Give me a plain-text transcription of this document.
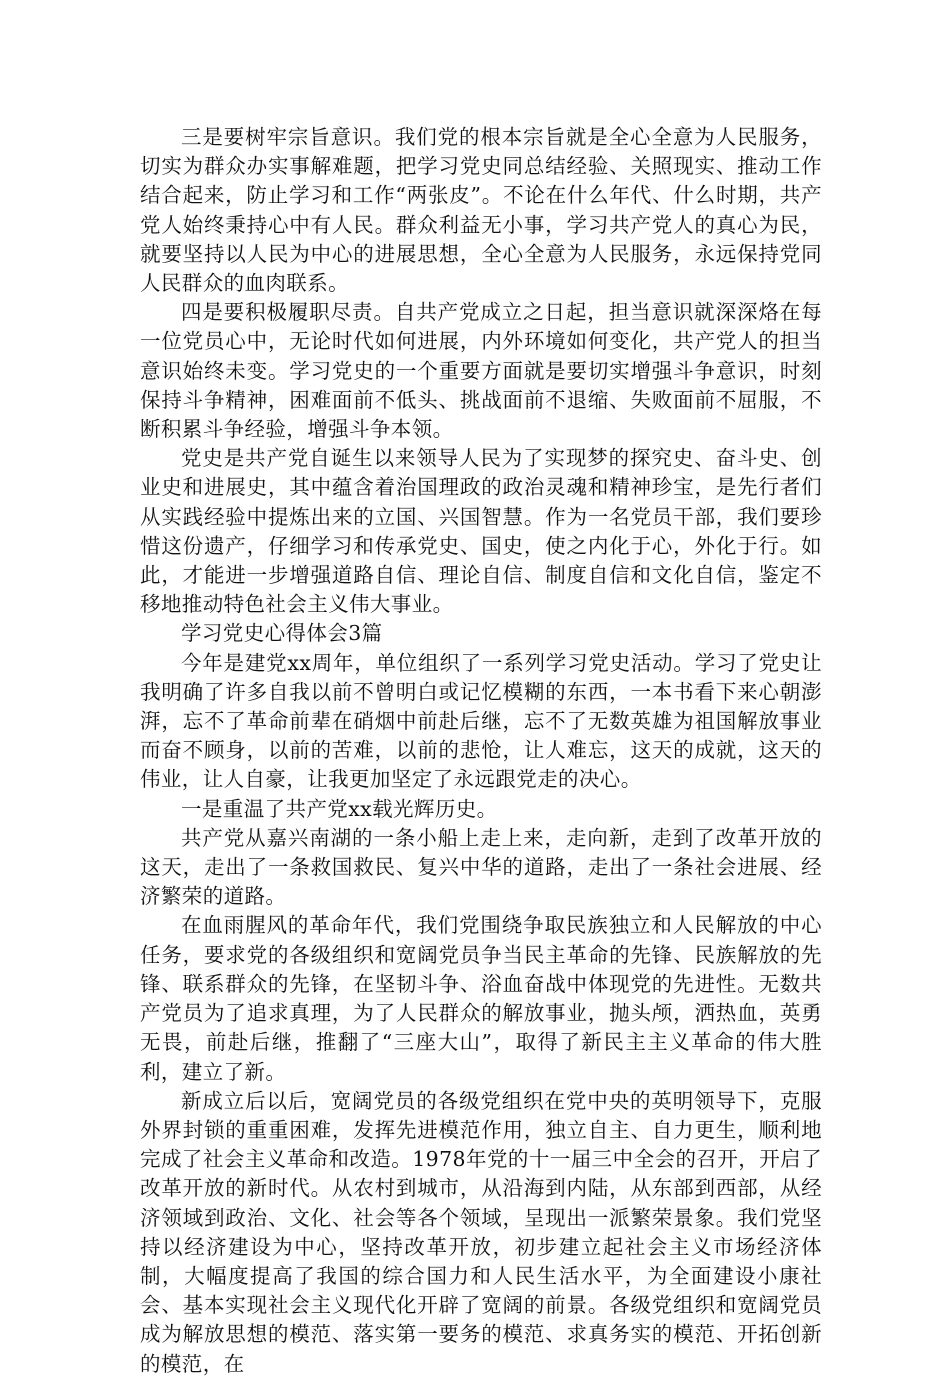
三是要树牢宗旨意识。我们党的根本宗旨就是全心全意为人民服务，切实为群众办实事解难题，把学习党史同总结经验、关照现实、推动工作结合起来，防止学习和工作“两张皮”。不论在什么年代、什么时期，共产党人始终秉持心中有人民。群众利益无小事，学习共产党人的真心为民，就要坚持以人民为中心的进展思想，全心全意为人民服务，永远保持党同人民群众的血肉联系。

四是要积极履职尽责。自共产党成立之日起，担当意识就深深烙在每一位党员心中，无论时代如何进展，内外环境如何变化，共产党人的担当意识始终未变。学习党史的一个重要方面就是要切实增强斗争意识，时刻保持斗争精神，困难面前不低头、挑战面前不退缩、失败面前不屈服，不断积累斗争经验，增强斗争本领。

党史是共产党自诞生以来领导人民为了实现梦的探究史、奋斗史、创业史和进展史，其中蕴含着治国理政的政治灵魂和精神珍宝，是先行者们从实践经验中提炼出来的立国、兴国智慧。作为一名党员干部，我们要珍惜这份遗产，仔细学习和传承党史、国史，使之内化于心，外化于行。如此，才能进一步增强道路自信、理论自信、制度自信和文化自信，鉴定不移地推动特色社会主义伟大事业。

学习党史心得体会3篇

今年是建党xx周年，单位组织了一系列学习党史活动。学习了党史让我明确了许多自我以前不曾明白或记忆模糊的东西，一本书看下来心朝澎湃，忘不了革命前辈在硝烟中前赴后继，忘不了无数英雄为祖国解放事业而奋不顾身，以前的苦难，以前的悲怆，让人难忘，这天的成就，这天的伟业，让人自豪，让我更加坚定了永远跟党走的决心。

一是重温了共产党xx载光辉历史。

共产党从嘉兴南湖的一条小船上走上来，走向新，走到了改革开放的这天，走出了一条救国救民、复兴中华的道路，走出了一条社会进展、经济繁荣的道路。

在血雨腥风的革命年代，我们党围绕争取民族独立和人民解放的中心任务，要求党的各级组织和宽阔党员争当民主革命的先锋、民族解放的先锋、联系群众的先锋，在坚韧斗争、浴血奋战中体现党的先进性。无数共产党员为了追求真理，为了人民群众的解放事业，抛头颅，洒热血，英勇无畏，前赴后继，推翻了“三座大山”，取得了新民主主义革命的伟大胜利，建立了新。

新成立后以后，宽阔党员的各级党组织在党中央的英明领导下，克服外界封锁的重重困难，发挥先进模范作用，独立自主、自力更生，顺利地完成了社会主义革命和改造。1978年党的十一届三中全会的召开，开启了改革开放的新时代。从农村到城市，从沿海到内陆，从东部到西部，从经济领域到政治、文化、社会等各个领域，呈现出一派繁荣景象。我们党坚持以经济建设为中心，坚持改革开放，初步建立起社会主义市场经济体制，大幅度提高了我国的综合国力和人民生活水平，为全面建设小康社会、基本实现社会主义现代化开辟了宽阔的前景。各级党组织和宽阔党员成为解放思想的模范、落实第一要务的模范、求真务实的模范、开拓创新的模范，在
